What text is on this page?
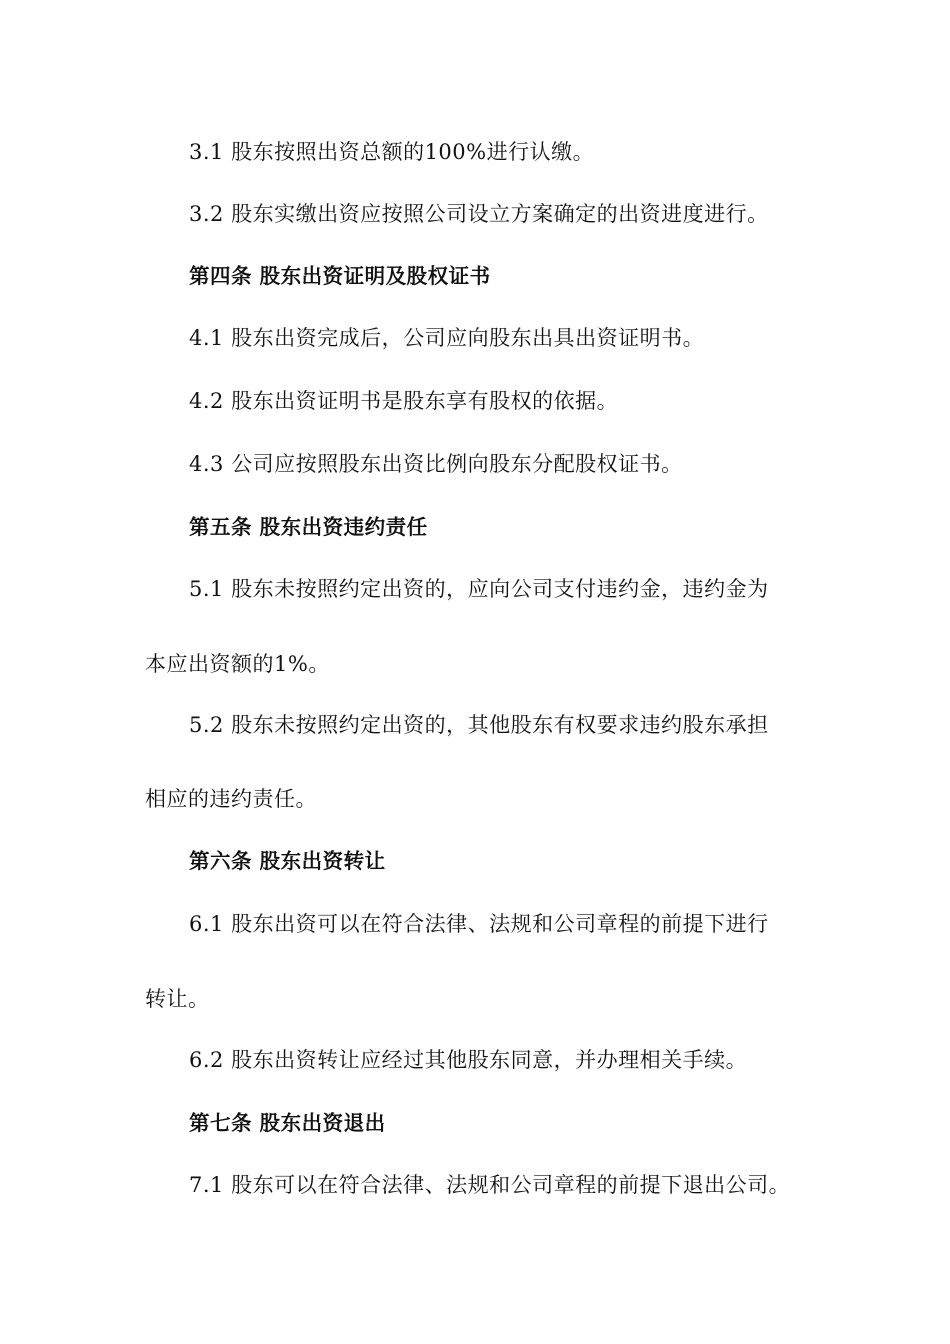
3.1 股东按照出资总额的100%进行认缴。
3.2 股东实缴出资应按照公司设立方案确定的出资进度进行。
第四条 股东出资证明及股权证书
4.1 股东出资完成后，公司应向股东出具出资证明书。
4.2 股东出资证明书是股东享有股权的依据。
4.3 公司应按照股东出资比例向股东分配股权证书。
第五条 股东出资违约责任
5.1 股东未按照约定出资的，应向公司支付违约金，违约金为
本应出资额的1%。
5.2 股东未按照约定出资的，其他股东有权要求违约股东承担
相应的违约责任。
第六条 股东出资转让
6.1 股东出资可以在符合法律、法规和公司章程的前提下进行
转让。
6.2 股东出资转让应经过其他股东同意，并办理相关手续。
第七条 股东出资退出
7.1 股东可以在符合法律、法规和公司章程的前提下退出公司。
